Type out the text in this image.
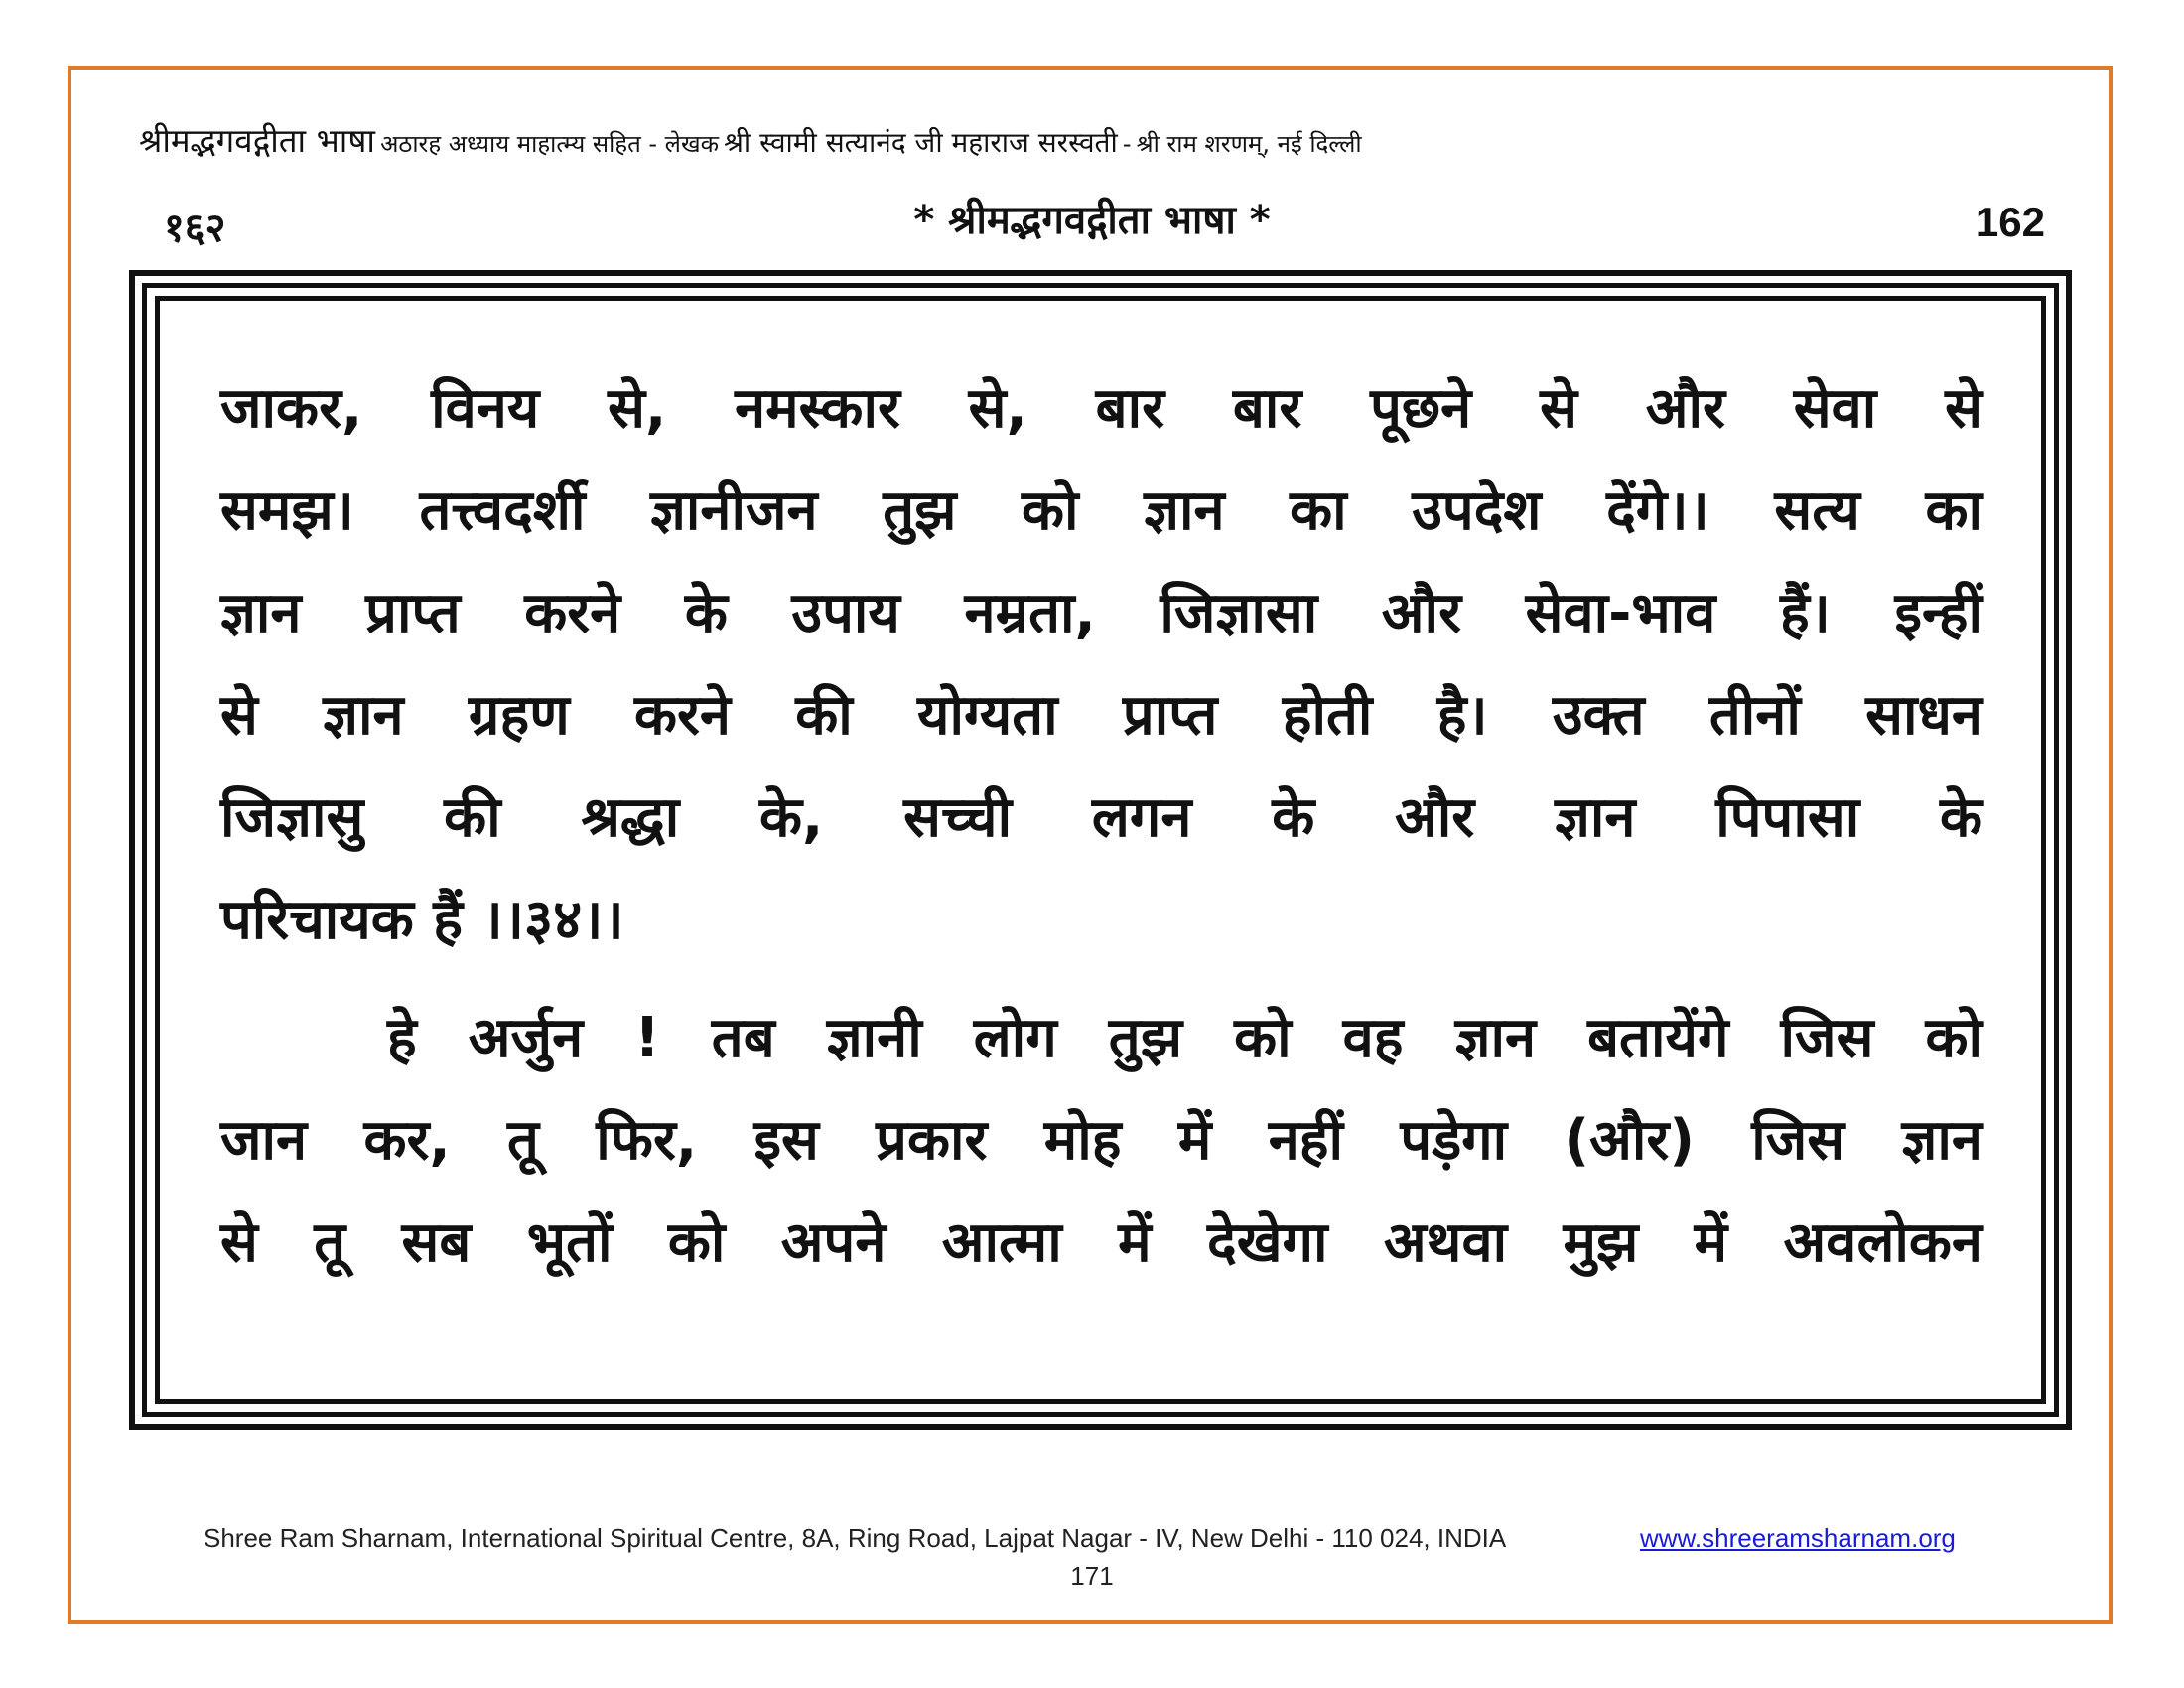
श्रीमद्भगवद्गीता भाषा अठारह अध्याय माहात्म्य सहित - लेखक श्री स्वामी सत्यानंद जी महाराज सरस्वती - श्री राम शरणम्, नई दिल्ली
१६२	* श्रीमद्भगवद्गीता भाषा *	162
जाकर, विनय से, नमस्कार से, बार बार पूछने से और सेवा से
समझ। तत्त्वदर्शी ज्ञानीजन तुझ को ज्ञान का उपदेश देंगे।। सत्य का
ज्ञान प्राप्त करने के उपाय नम्रता, जिज्ञासा और सेवा-भाव हैं। इन्हीं
से ज्ञान ग्रहण करने की योग्यता प्राप्त होती है। उक्त तीनों साधन
जिज्ञासु की श्रद्धा के, सच्ची लगन के और ज्ञान पिपासा के
परिचायक हैं ।।३४।।
हे अर्जुन ! तब ज्ञानी लोग तुझ को वह ज्ञान बतायेंगे जिस को
जान कर, तू फिर, इस प्रकार मोह में नहीं पड़ेगा (और) जिस ज्ञान
से तू सब भूतों को अपने आत्मा में देखेगा अथवा मुझ में अवलोकन
Shree Ram Sharnam, International Spiritual Centre, 8A, Ring Road, Lajpat Nagar - IV, New Delhi - 110 024, INDIA	www.shreeramsharnam.org
171
